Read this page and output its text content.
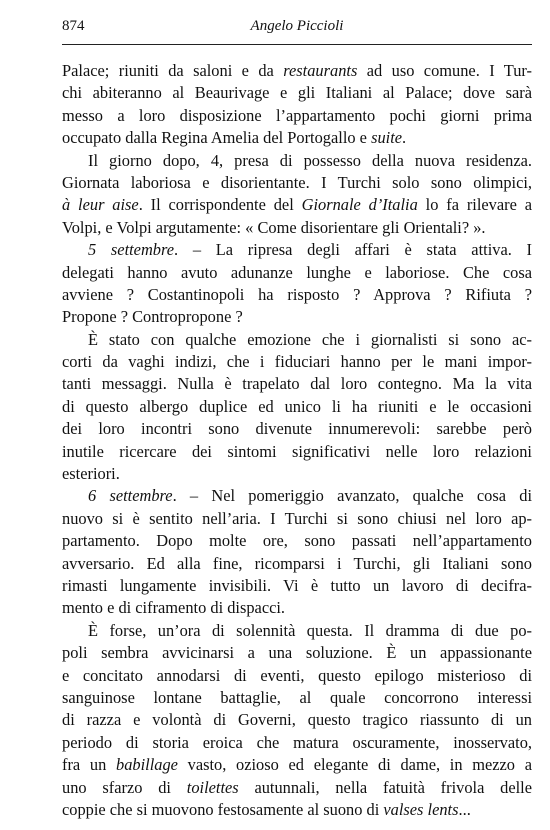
874	Angelo Piccioli
Palace; riuniti da saloni e da restaurants ad uso comune. I Tur-
chi abiteranno al Beaurivage e gli Italiani al Palace; dove sarà
messo a loro disposizione l’appartamento pochi giorni prima
occupato dalla Regina Amelia del Portogallo e suite.
Il giorno dopo, 4, presa di possesso della nuova residenza.
Giornata laboriosa e disorientante. I Turchi solo sono olimpici,
à leur aise. Il corrispondente del Giornale d’Italia lo fa rilevare a
Volpi, e Volpi argutamente: « Come disorientare gli Orientali? ».
5 settembre. – La ripresa degli affari è stata attiva. I
delegati hanno avuto adunanze lunghe e laboriose. Che cosa
avviene ? Costantinopoli ha risposto ? Approva ? Rifiuta ?
Propone ? Contropropone ?
È stato con qualche emozione che i giornalisti si sono ac-
corti da vaghi indizi, che i fiduciari hanno per le mani impor-
tanti messaggi. Nulla è trapelato dal loro contegno. Ma la vita
di questo albergo duplice ed unico li ha riuniti e le occasioni
dei loro incontri sono divenute innumerevoli: sarebbe però
inutile ricercare dei sintomi significativi nelle loro relazioni
esteriori.
6 settembre. – Nel pomeriggio avanzato, qualche cosa di
nuovo si è sentito nell’aria. I Turchi si sono chiusi nel loro ap-
partamento. Dopo molte ore, sono passati nell’appartamento
avversario. Ed alla fine, ricomparsi i Turchi, gli Italiani sono
rimasti lungamente invisibili. Vi è tutto un lavoro di decifra-
mento e di ciframento di dispacci.
È forse, un’ora di solennità questa. Il dramma di due po-
poli sembra avvicinarsi a una soluzione. È un appassionante
e concitato annodarsi di eventi, questo epilogo misterioso di
sanguinose lontane battaglie, al quale concorrono interessi
di razza e volontà di Governi, questo tragico riassunto di un
periodo di storia eroica che matura oscuramente, inosservato,
fra un babillage vasto, ozioso ed elegante di dame, in mezzo a
uno sfarzo di toilettes autunnali, nella fatuità frivola delle
coppie che si muovono festosamente al suono di valses lents...
